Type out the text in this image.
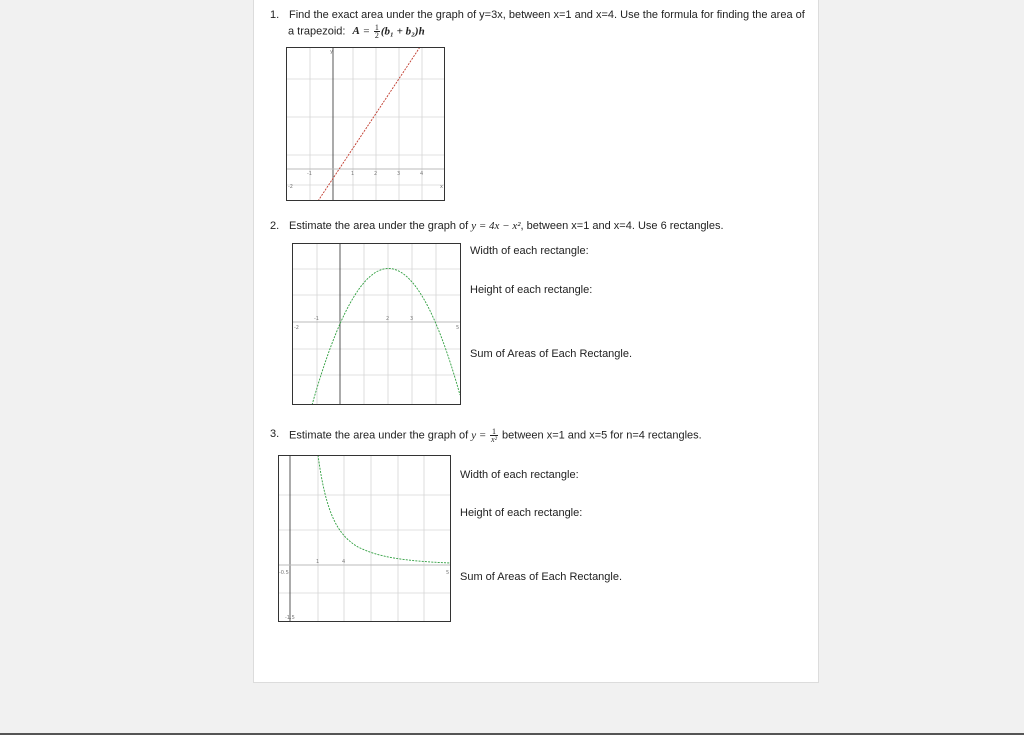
1. Find the exact area under the graph of y=3x, between x=1 and x=4. Use the formula for finding the area of
a trapezoid: $A = \frac{1}{2} (b_1 + b_2)h$
y
-1	1	2	3	4
x
-2
2. Estimate the area under the graph of y = 4x − x², between x=1 and x=4. Use 6 rectangles.
-1	2	3
-2	5
Width of each rectangle:
Height of each rectangle:
Sum of Areas of Each Rectangle.
3. Estimate the area under the graph of $y = \frac{1}{\text{x²}}$ between x=1 and x=5 for n=4 rectangles.
1	4
-0.5
-1.5
5
Width of each rectangle:
Height of each rectangle:
Sum of Areas of Each Rectangle.
